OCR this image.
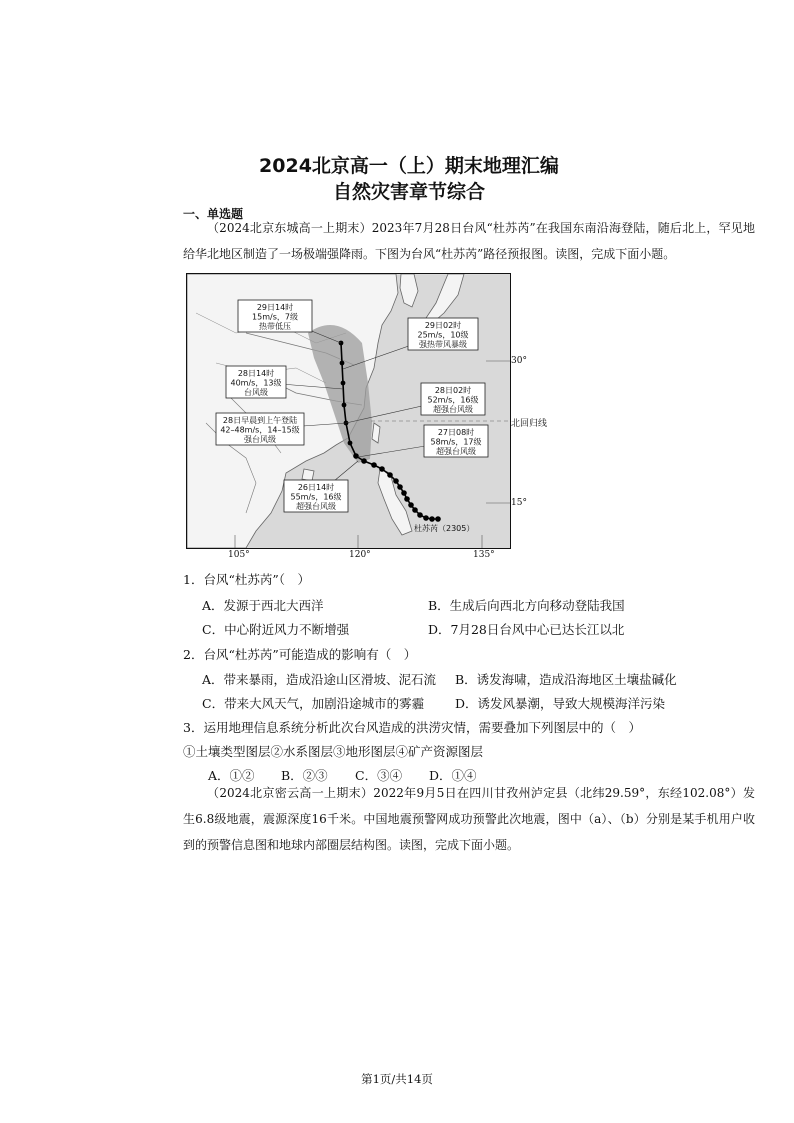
2024北京高一（上）期末地理汇编
自然灾害章节综合
一、单选题
（2024北京东城高一上期末）2023年7月28日台风“杜苏芮”在我国东南沿海登陆，随后北上，罕见地给华北地区制造了一场极端强降雨。下图为台风“杜苏芮”路径预报图。读图，完成下面小题。
29日14时
15m/s，7级
热带低压	29日02时
25m/s，10级
强热带风暴级
28日14时
40m/s，13级
台风级	28日02时
52m/s，16级
超强台风级
28日早晨到上午登陆
42–48m/s，14–15级
强台风级
27日08时
58m/s，17级
超强台风级
26日14时
55m/s，16级
超强台风级
杜苏芮（2305）
30°
北回归线
15°
105°	120°	135°
1．台风“杜苏芮”（　）
A．发源于西北大西洋	B．生成后向西北方向移动登陆我国
C．中心附近风力不断增强	D．7月28日台风中心已达长江以北
2．台风“杜苏芮”可能造成的影响有（　）
A．带来暴雨，造成沿途山区滑坡、泥石流 B．诱发海啸，造成沿海地区土壤盐碱化
C．带来大风天气，加剧沿途城市的雾霾 D．诱发风暴潮，导致大规模海洋污染
3．运用地理信息系统分析此次台风造成的洪涝灾情，需要叠加下列图层中的（　）
①土壤类型图层②水系图层③地形图层④矿产资源图层
A．①② B．②③ C．③④ D．①④
（2024北京密云高一上期末）2022年9月5日在四川甘孜州泸定县（北纬29.59°，东经102.08°）发生6.8级地震，震源深度16千米。中国地震预警网成功预警此次地震，图中（a）、（b）分别是某手机用户收到的预警信息图和地球内部圈层结构图。读图，完成下面小题。
第1页/共14页
